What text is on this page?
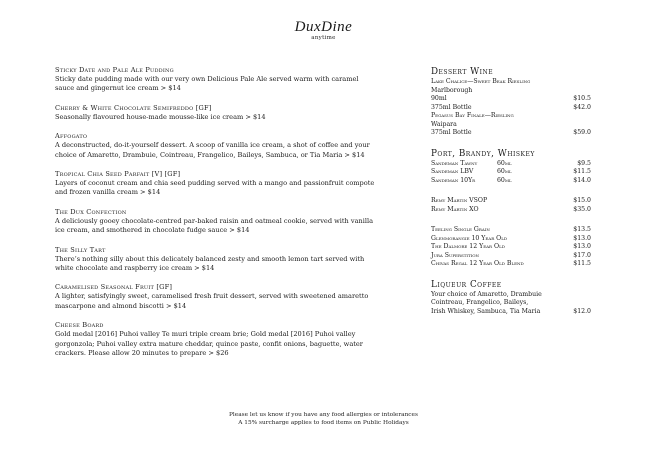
DuxDine
anytime
Sticky Date and Pale Ale Pudding
Sticky date pudding made with our very own Delicious Pale Ale served warm with caramel sauce and gingernut ice cream > $14
Cherry & White Chocolate Semifreddo [GF]
Seasonally flavoured house-made mousse-like ice cream > $14
Affogato
A deconstructed, do-it-yourself dessert. A scoop of vanilla ice cream, a shot of coffee and your choice of Amaretto, Drambuie, Cointreau, Frangelico, Baileys, Sambuca, or Tia Maria > $14
Tropical Chia Seed Parfait [V] [GF]
Layers of coconut cream and chia seed pudding served with a mango and passionfruit compote and frozen vanilla cream > $14
The Dux Confection
A deliciously gooey chocolate-centred par-baked raisin and oatmeal cookie, served with vanilla ice cream, and smothered in chocolate fudge sauce > $14
The Silly Tart
There’s nothing silly about this delicately balanced zesty and smooth lemon tart served with white chocolate and raspberry ice cream > $14
Caramelised Seasonal Fruit [GF]
A lighter, satisfyingly sweet, caramelised fresh fruit dessert, served with sweetened amaretto mascarpone and almond biscotti > $14
Cheese Board
Gold medal [2016] Puhoi valley Te muri triple cream brie; Gold medal [2016] Puhoi valley gorgonzola; Puhoi valley extra mature cheddar, quince paste, confit onions, baguette, water crackers. Please allow 20 minutes to prepare > $26
Dessert Wine
Lake Chalice—Sweet Beak Riesling
Marlborough
90ml	$10.5
375ml Bottle	$42.0
Pegasus Bay Finale—Riesling
Waipara
375ml Bottle	$59.0
Port, Brandy, Whiskey
Sandeman Tawny	60ml	$9.5
Sandeman LBV	60ml	$11.5
Sandeman 10Yr	60ml	$14.0
Remy Martin VSOP	$15.0
Remy Martin XO	$35.0
Teeling Single Grain	$13.5
Glenmorangie 10 Year Old	$13.0
The Dalmore 12 Year Old	$13.0
Jura Superstition	$17.0
Chivas Regal 12 Year Old Blend	$11.5
Liqueur Coffee
Your choice of Amaretto, Drambuie
Cointreau, Frangelico, Baileys,
Irish Whiskey, Sambuca, Tia Maria	$12.0
Please let us know if you have any food allergies or intolerances
A 15% surcharge applies to food items on Public Holidays
